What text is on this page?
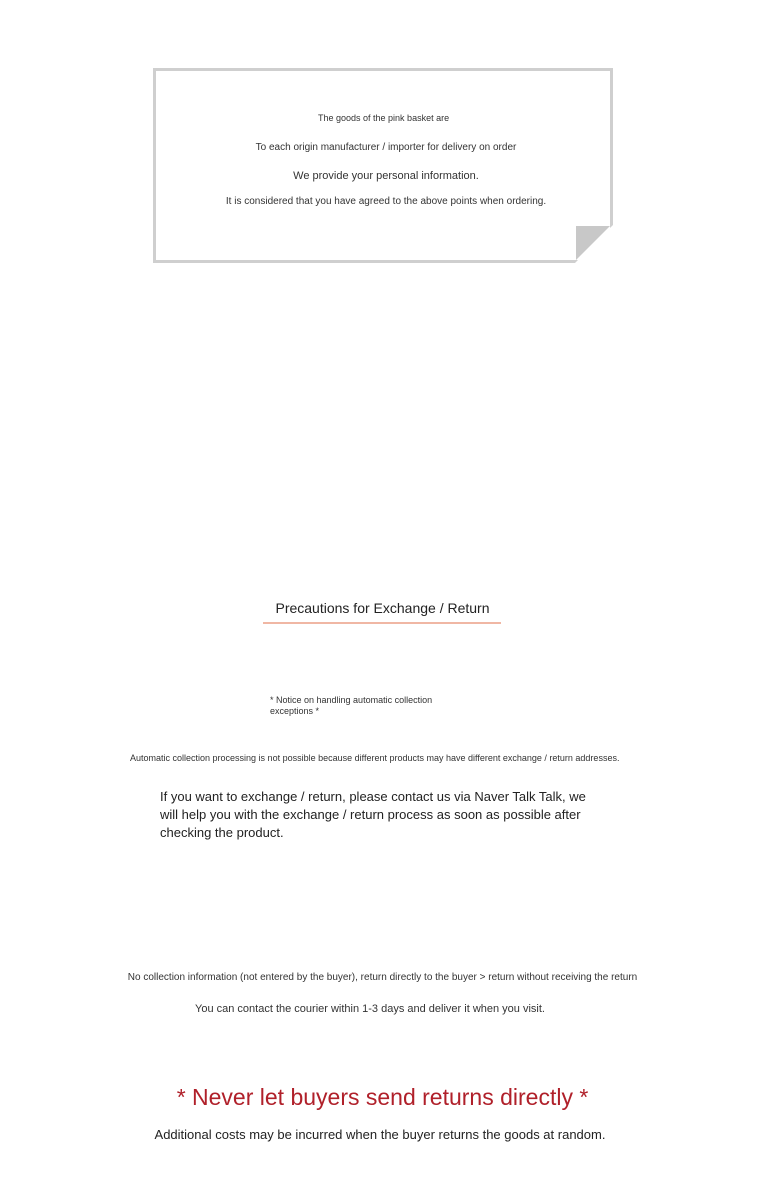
The goods of the pink basket are
To each origin manufacturer / importer for delivery on order
We provide your personal information.
It is considered that you have agreed to the above points when ordering.
Precautions for Exchange / Return
* Notice on handling automatic collection exceptions *
Automatic collection processing is not possible because different products may have different exchange / return addresses.
If you want to exchange / return, please contact us via Naver Talk Talk, we will help you with the exchange / return process as soon as possible after checking the product.
No collection information (not entered by the buyer), return directly to the buyer > return without receiving the return
You can contact the courier within 1-3 days and deliver it when you visit.
* Never let buyers send returns directly *
Additional costs may be incurred when the buyer returns the goods at random.
